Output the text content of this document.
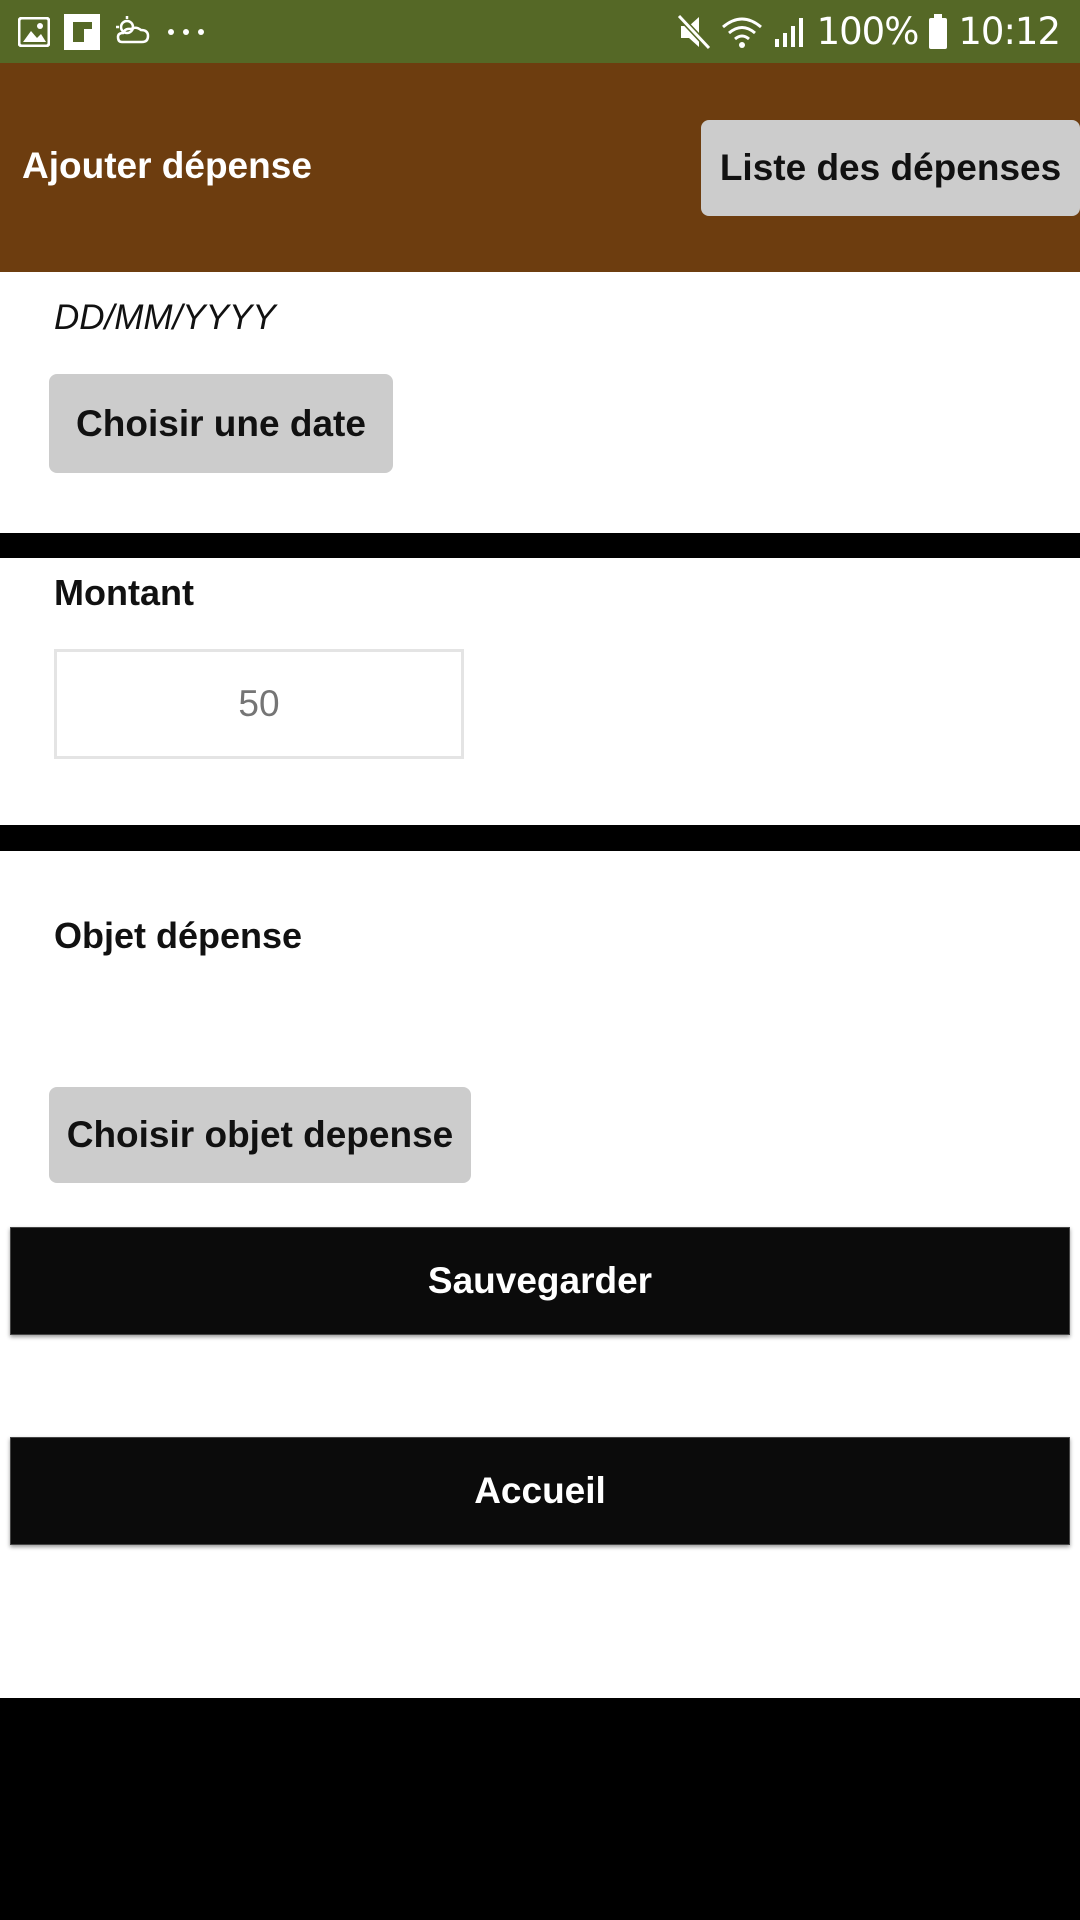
100% 10:12
Ajouter dépense	Liste des dépenses
DD/MM/YYYY
Choisir une date
Montant
50
Objet dépense
Choisir objet depense
Sauvegarder
Accueil
